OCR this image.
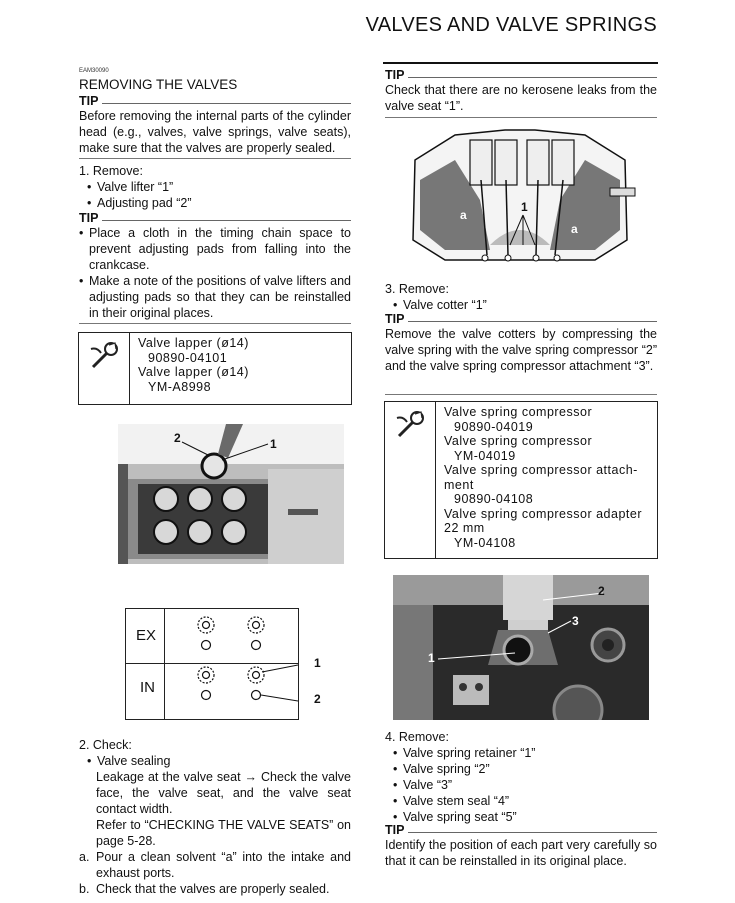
VALVES AND VALVE SPRINGS
EAM30090
REMOVING THE VALVES
TIP
Before removing the internal parts of the cylinder head (e.g., valves, valve springs, valve seats), make sure that the valves are properly sealed.
1. Remove:
• Valve lifter “1”
• Adjusting pad “2”
TIP
• Place a cloth in the timing chain space to prevent adjusting pads from falling into the crankcase.
• Make a note of the positions of valve lifters and adjusting pads so that they can be reinstalled in their original places.
Valve lapper (ø14)
90890-04101
Valve lapper (ø14)
YM-A8998
2	1
EX
IN
1
2
2. Check:
• Valve sealing
Leakage at the valve seat → Check the valve face, the valve seat, and the valve seat contact width.
Refer to “CHECKING THE VALVE SEATS” on page 5-28.
a. Pour a clean solvent “a” into the intake and exhaust ports.
b. Check that the valves are properly sealed.
TIP
Check that there are no kerosene leaks from the valve seat “1”.
1
a
a
3. Remove:
• Valve cotter “1”
TIP
Remove the valve cotters by compressing the valve spring with the valve spring compressor “2” and the valve spring compressor attachment “3”.
Valve spring compressor
90890-04019
Valve spring compressor
YM-04019
Valve spring compressor attach-
ment
90890-04108
Valve spring compressor adapter
22 mm
YM-04108
2
3
1
4. Remove:
• Valve spring retainer “1”
• Valve spring “2”
• Valve “3”
• Valve stem seal “4”
• Valve spring seat “5”
TIP
Identify the position of each part very carefully so that it can be reinstalled in its original place.
